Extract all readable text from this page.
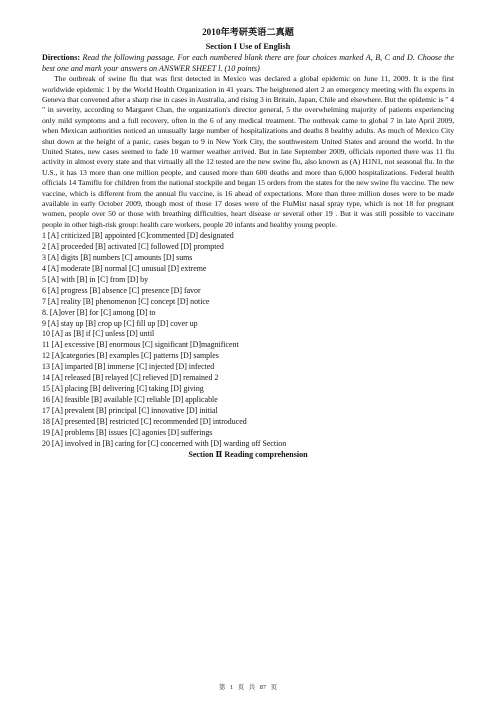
2010年考研英语二真题
Section I Use of English

Directions: Read the following passage. For each numbered blank there are four choices marked A, B, C and D. Choose the best one and mark your answers on ANSWER SHEET l. (10 points)

The outbreak of swine flu that was first detected in Mexico was declared a global epidemic on June 11, 2009. It is the first worldwide epidemic 1 by the World Health Organization in 41 years. The heightened alert 2 an emergency meeting with flu experts in Geneva that convened after a sharp rise in cases in Australia, and rising 3 in Britain, Japan, Chile and elsewhere. But the epidemic is " 4 " in severity, according to Margaret Chan, the organization's director general, 5 the overwhelming majority of patients experiencing only mild symptoms and a full recovery, often in the 6 of any medical treatment. The outbreak came to global 7 in late April 2009, when Mexican authorities noticed an unusually large number of hospitalizations and deaths 8 healthy adults. As much of Mexico City shut down at the height of a panic, cases began to 9 in New York City, the southwestern United States and around the world. In the United States, new cases seemed to fade 10 warmer weather arrived. But in late September 2009, officials reported there was 11 flu activity in almost every state and that virtually all the 12 tested are the new swine flu, also known as (A) H1N1, not seasonal flu. In the U.S., it has 13 more than one million people, and caused more than 600 deaths and more than 6,000 hospitalizations. Federal health officials 14 Tamiflu for children from the national stockpile and began 15 orders from the states for the new swine flu vaccine. The new vaccine, which is different from the annual flu vaccine, is 16 ahead of expectations. More than three million doses were to be made available in early October 2009, though most of those 17 doses were of the FluMist nasal spray type, which is not 18 for pregnant women, people over 50 or those with breathing difficulties, heart disease or several other 19 . But it was still possible to vaccinate people in other high-risk group: health care workers, people 20 infants and healthy young people.

1 [A] criticized [B] appointed [C]commented [D] designated

2 [A] proceeded [B] activated [C] followed [D] prompted

3 [A] digits [B] numbers [C] amounts [D] sums

4 [A] moderate [B] normal [C] unusual [D] extreme

5 [A] with [B] in [C] from [D] by

6 [A] progress [B] absence [C] presence [D] favor

7 [A] reality [B] phenomenon [C] concept [D] notice

8. [A]over [B] for [C] among [D] to

9 [A] stay up [B] crop up [C] fill up [D] cover up

10 [A] as [B] if [C] unless [D] until

11 [A] excessive [B] enormous [C] significant [D]magnificent

12 [A]categories [B] examples [C] patterns [D] samples

13 [A] imparted [B] immerse [C] injected [D] infected

14 [A] released [B] relayed [C] relieved [D] remained 2

15 [A] placing [B] delivering [C] taking [D] giving

16 [A] feasible [B] available [C] reliable [D] applicable

17 [A] prevalent [B] principal [C] innovative [D] initial

18 [A] presented [B] restricted [C] recommended [D] introduced

19 [A] problems [B] issues [C] agonies [D] sufferings

20 [A] involved in [B] caring for [C] concerned with [D] warding off Section

Section Ⅱ Reading comprehension
第 1 页 共 87 页
